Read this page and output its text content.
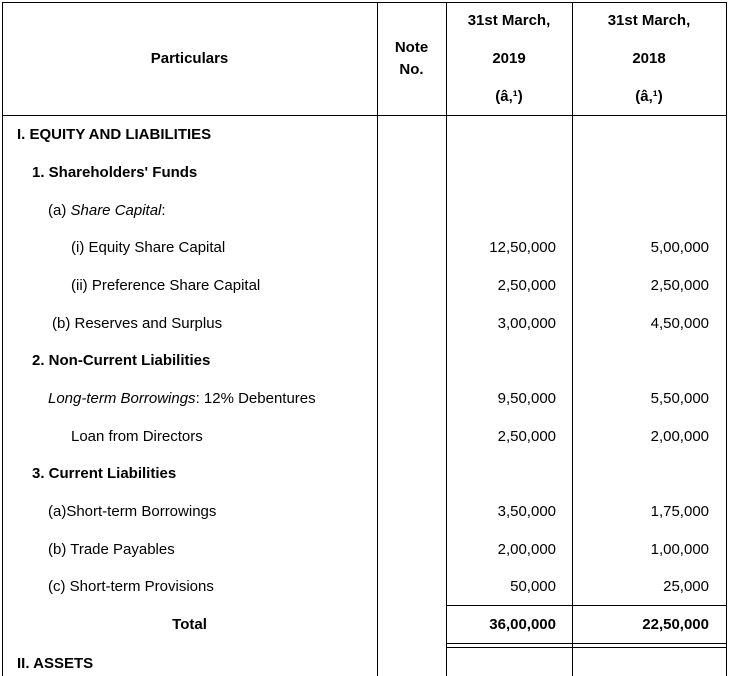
Particulars
Note
No.
31st March,
2019
(â‚¹)
31st March,
2018
(â‚¹)
I. EQUITY AND LIABILITIES
1. Shareholders' Funds
(a) Share Capital:
(i) Equity Share Capital
(ii) Preference Share Capital
(b) Reserves and Surplus
2. Non-Current Liabilities
Long-term Borrowings: 12% Debentures
Loan from Directors
3. Current Liabilities
(a)Short-term Borrowings
(b) Trade Payables
(c) Short-term Provisions
Total
II. ASSETS
12,50,000
2,50,000
3,00,000
9,50,000
2,50,000
3,50,000
2,00,000
50,000
36,00,000
5,00,000
2,50,000
4,50,000
5,50,000
2,00,000
1,75,000
1,00,000
25,000
22,50,000
